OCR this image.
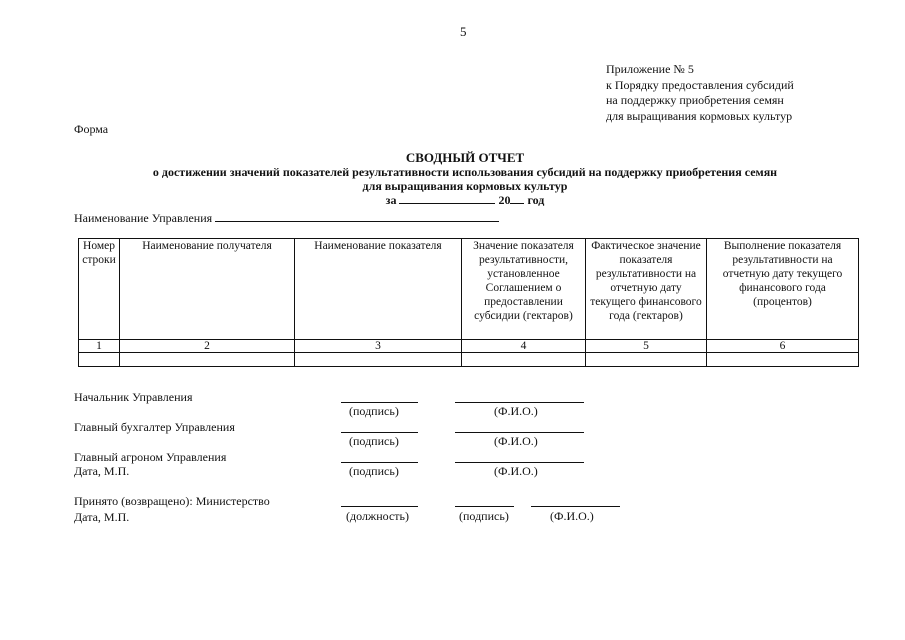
5
Приложение № 5
к Порядку предоставления субсидий
на поддержку приобретения семян
для выращивания кормовых культур
Форма
СВОДНЫЙ ОТЧЕТ
о достижении значений показателей результативности использования субсидий на поддержку приобретения семян
для выращивания кормовых культур
за	20 год
Наименование Управления
Номер строки	Наименование получателя	Наименование показателя	Значение показателя результативности, установленное Соглашением о предоставлении субсидии (гектаров)	Фактическое значение показателя результативности на отчетную дату текущего финансового года (гектаров)	Выполнение показателя результативности на отчетную дату текущего финансового года (процентов)
1	2	3	4	5	6

Начальник Управления
(подпись)	(Ф.И.О.)
Главный бухгалтер Управления
(подпись)	(Ф.И.О.)
Главный агроном Управления
Дата, М.П.	(подпись)	(Ф.И.О.)
Принято (возвращено): Министерство
Дата, М.П.	(должность)	(подпись)	(Ф.И.О.)
